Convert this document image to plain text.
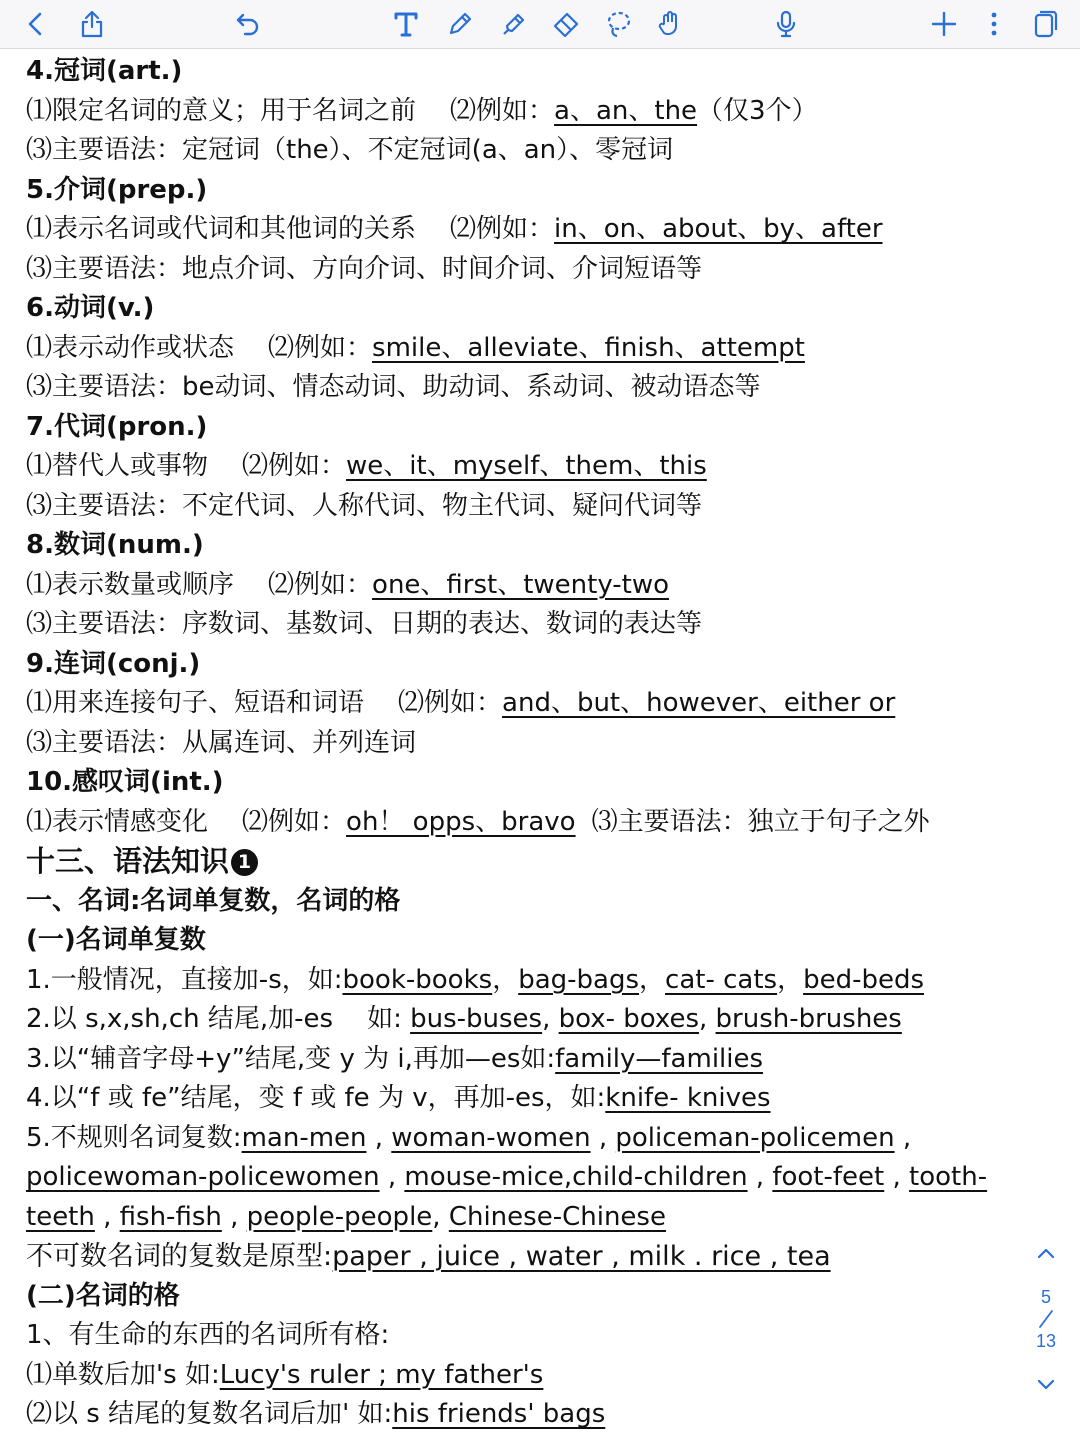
4.冠词(art.)
⑴限定名词的意义；用于名词之前 ⑵例如：a、an、the（仅3个）
⑶主要语法：定冠词（the）、不定冠词(a、an）、零冠词
5.介词(prep.)
⑴表示名词或代词和其他词的关系 ⑵例如：in、on、about、by、after
⑶主要语法：地点介词、方向介词、时间介词、介词短语等
6.动词(v.)
⑴表示动作或状态 ⑵例如：smile、alleviate、finish、attempt
⑶主要语法：be动词、情态动词、助动词、系动词、被动语态等
7.代词(pron.)
⑴替代人或事物 ⑵例如：we、it、myself、them、this
⑶主要语法：不定代词、人称代词、物主代词、疑问代词等
8.数词(num.)
⑴表示数量或顺序 ⑵例如：one、first、twenty-two
⑶主要语法：序数词、基数词、日期的表达、数词的表达等
9.连词(conj.)
⑴用来连接句子、短语和词语 ⑵例如：and、but、however、either or
⑶主要语法：从属连词、并列连词
10.感叹词(int.)
⑴表示情感变化 ⑵例如：oh！ opps、bravo ⑶主要语法：独立于句子之外
十三、语法知识 1
一、名词:名词单复数，名词的格
(一)名词单复数
1.一般情况，直接加-s，如:book-books，bag-bags，cat- cats，bed-beds
2.以 s,x,sh,ch 结尾,加-es 如: bus-buses, box- boxes, brush-brushes
3.以“辅音字母+y”结尾,变 y 为 i,再加—es如:family—families
4.以“f 或 fe”结尾，变 f 或 fe 为 v，再加-es，如:knife- knives
5.不规则名词复数:man-men , woman-women , policeman-policemen ,
policewoman-policewomen , mouse-mice,child-children , foot-feet , tooth-
teeth , fish-fish , people-people, Chinese-Chinese
不可数名词的复数是原型:paper , juice , water , milk . rice , tea
(二)名词的格
1、有生命的东西的名词所有格:
⑴单数后加's 如:Lucy's ruler ; my father's
⑵以 s 结尾的复数名词后加' 如:his friends' bags
5
13
